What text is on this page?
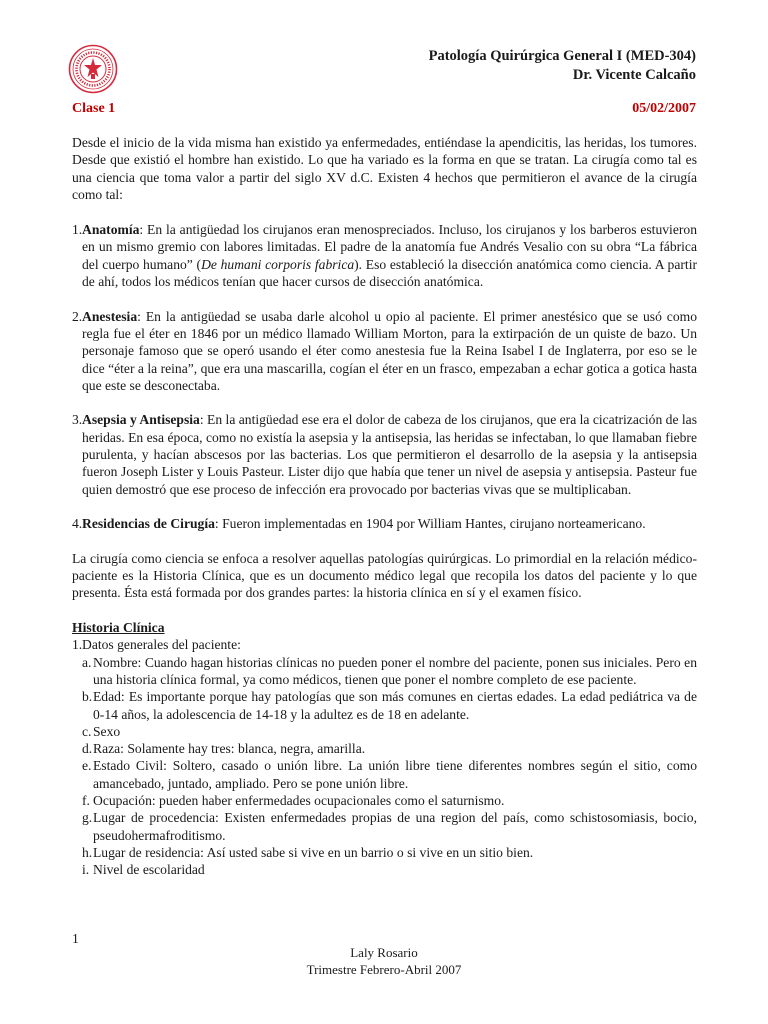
Patología Quirúrgica General I (MED-304)
Dr. Vicente Calcaño
Clase 1	05/02/2007

Desde el inicio de la vida misma han existido ya enfermedades, entiéndase la apendicitis, las heridas, los tumores. Desde que existió el hombre han existido. Lo que ha variado es la forma en que se tratan. La cirugía como tal es una ciencia que toma valor a partir del siglo XV d.C. Existen 4 hechos que permitieron el avance de la cirugía como tal:

1. Anatomía: En la antigüedad los cirujanos eran menospreciados. Incluso, los cirujanos y los barberos estuvieron en un mismo gremio con labores limitadas. El padre de la anatomía fue Andrés Vesalio con su obra “La fábrica del cuerpo humano” (De humani corporis fabrica). Eso estableció la disección anatómica como ciencia. A partir de ahí, todos los médicos tenían que hacer cursos de disección anatómica.
2. Anestesia: En la antigüedad se usaba darle alcohol u opio al paciente. El primer anestésico que se usó como regla fue el éter en 1846 por un médico llamado William Morton, para la extirpación de un quiste de bazo. Un personaje famoso que se operó usando el éter como anestesia fue la Reina Isabel I de Inglaterra, por eso se le dice “éter a la reina”, que era una mascarilla, cogían el éter en un frasco, empezaban a echar gotica a gotica hasta que este se desconectaba.
3. Asepsia y Antisepsia: En la antigüedad ese era el dolor de cabeza de los cirujanos, que era la cicatrización de las heridas. En esa época, como no existía la asepsia y la antisepsia, las heridas se infectaban, lo que llamaban fiebre purulenta, y hacían abscesos por las bacterias. Los que permitieron el desarrollo de la asepsia y la antisepsia fueron Joseph Lister y Louis Pasteur. Lister dijo que había que tener un nivel de asepsia y antisepsia. Pasteur fue quien demostró que ese proceso de infección era provocado por bacterias vivas que se multiplicaban.
4. Residencias de Cirugía: Fueron implementadas en 1904 por William Hantes, cirujano norteamericano.

La cirugía como ciencia se enfoca a resolver aquellas patologías quirúrgicas. Lo primordial en la relación médico-paciente es la Historia Clínica, que es un documento médico legal que recopila los datos del paciente y lo que presenta. Ésta está formada por dos grandes partes: la historia clínica en sí y el examen físico.

Historia Clínica
1. Datos generales del paciente:
a. Nombre: Cuando hagan historias clínicas no pueden poner el nombre del paciente, ponen sus iniciales. Pero en una historia clínica formal, ya como médicos, tienen que poner el nombre completo de ese paciente.
b. Edad: Es importante porque hay patologías que son más comunes en ciertas edades. La edad pediátrica va de 0-14 años, la adolescencia de 14-18 y la adultez es de 18 en adelante.
c. Sexo
d. Raza: Solamente hay tres: blanca, negra, amarilla.
e. Estado Civil: Soltero, casado o unión libre. La unión libre tiene diferentes nombres según el sitio, como amancebado, juntado, ampliado. Pero se pone unión libre.
f. Ocupación: pueden haber enfermedades ocupacionales como el saturnismo.
g. Lugar de procedencia: Existen enfermedades propias de una region del país, como schistosomiasis, bocio, pseudohermafroditismo.
h. Lugar de residencia: Así usted sabe si vive en un barrio o si vive en un sitio bien.
i. Nivel de escolaridad
1
Laly Rosario
Trimestre Febrero-Abril 2007
